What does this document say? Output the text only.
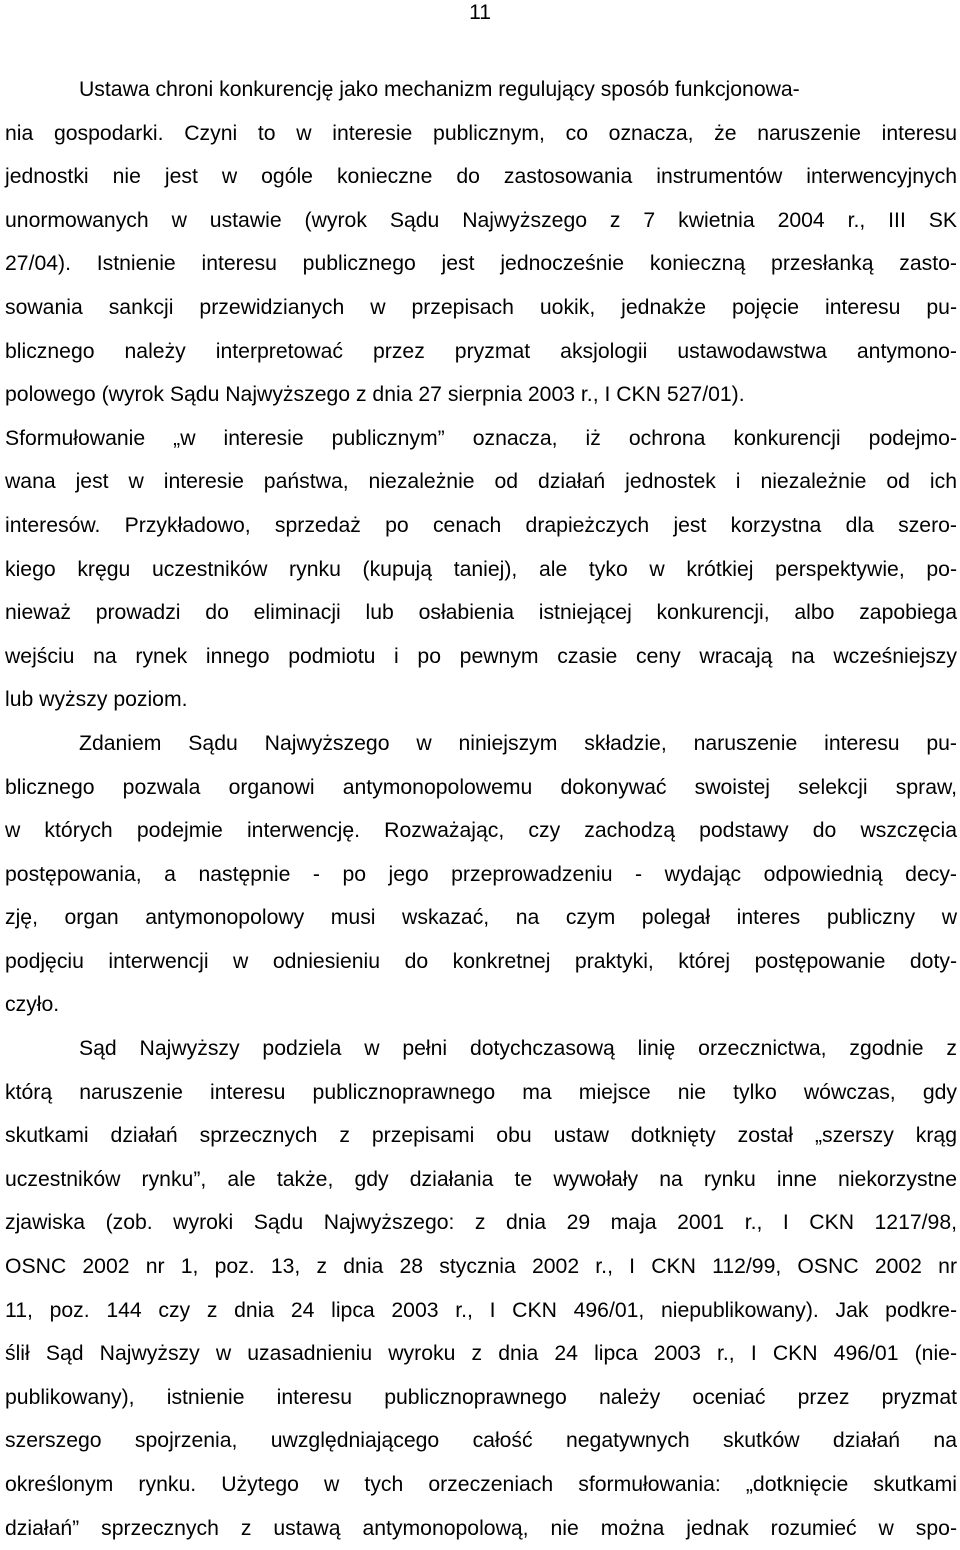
11
Ustawa chroni konkurencję jako mechanizm regulujący sposób funkcjonowa-
nia gospodarki. Czyni to w interesie publicznym, co oznacza, że naruszenie interesu
jednostki nie jest w ogóle konieczne do zastosowania instrumentów interwencyjnych
unormowanych w ustawie (wyrok Sądu Najwyższego z 7 kwietnia 2004 r., III SK
27/04). Istnienie interesu publicznego jest jednocześnie konieczną przesłanką zasto-
sowania sankcji przewidzianych w przepisach uokik, jednakże pojęcie interesu pu-
blicznego należy interpretować przez pryzmat aksjologii ustawodawstwa antymono-
polowego (wyrok Sądu Najwyższego z dnia 27 sierpnia 2003 r., I CKN 527/01).
Sformułowanie „w interesie publicznym” oznacza, iż ochrona konkurencji podejmo-
wana jest w interesie państwa, niezależnie od działań jednostek i niezależnie od ich
interesów. Przykładowo, sprzedaż po cenach drapieżczych jest korzystna dla szero-
kiego kręgu uczestników rynku (kupują taniej), ale tyko w krótkiej perspektywie, po-
nieważ prowadzi do eliminacji lub osłabienia istniejącej konkurencji, albo zapobiega
wejściu na rynek innego podmiotu i po pewnym czasie ceny wracają na wcześniejszy
lub wyższy poziom.
Zdaniem Sądu Najwyższego w niniejszym składzie, naruszenie interesu pu-
blicznego pozwala organowi antymonopolowemu dokonywać swoistej selekcji spraw,
w których podejmie interwencję. Rozważając, czy zachodzą podstawy do wszczęcia
postępowania, a następnie - po jego przeprowadzeniu - wydając odpowiednią decy-
zję, organ antymonopolowy musi wskazać, na czym polegał interes publiczny w
podjęciu interwencji w odniesieniu do konkretnej praktyki, której postępowanie doty-
czyło.
Sąd Najwyższy podziela w pełni dotychczasową linię orzecznictwa, zgodnie z
którą naruszenie interesu publicznoprawnego ma miejsce nie tylko wówczas, gdy
skutkami działań sprzecznych z przepisami obu ustaw dotknięty został „szerszy krąg
uczestników rynku”, ale także, gdy działania te wywołały na rynku inne niekorzystne
zjawiska (zob. wyroki Sądu Najwyższego: z dnia 29 maja 2001 r., I CKN 1217/98,
OSNC 2002 nr 1, poz. 13, z dnia 28 stycznia 2002 r., I CKN 112/99, OSNC 2002 nr
11, poz. 144 czy z dnia 24 lipca 2003 r., I CKN 496/01, niepublikowany). Jak podkre-
ślił Sąd Najwyższy w uzasadnieniu wyroku z dnia 24 lipca 2003 r., I CKN 496/01 (nie-
publikowany), istnienie interesu publicznoprawnego należy oceniać przez pryzmat
szerszego spojrzenia, uwzględniającego całość negatywnych skutków działań na
określonym rynku. Użytego w tych orzeczeniach sformułowania: „dotknięcie skutkami
działań” sprzecznych z ustawą antymonopolową, nie można jednak rozumieć w spo-
